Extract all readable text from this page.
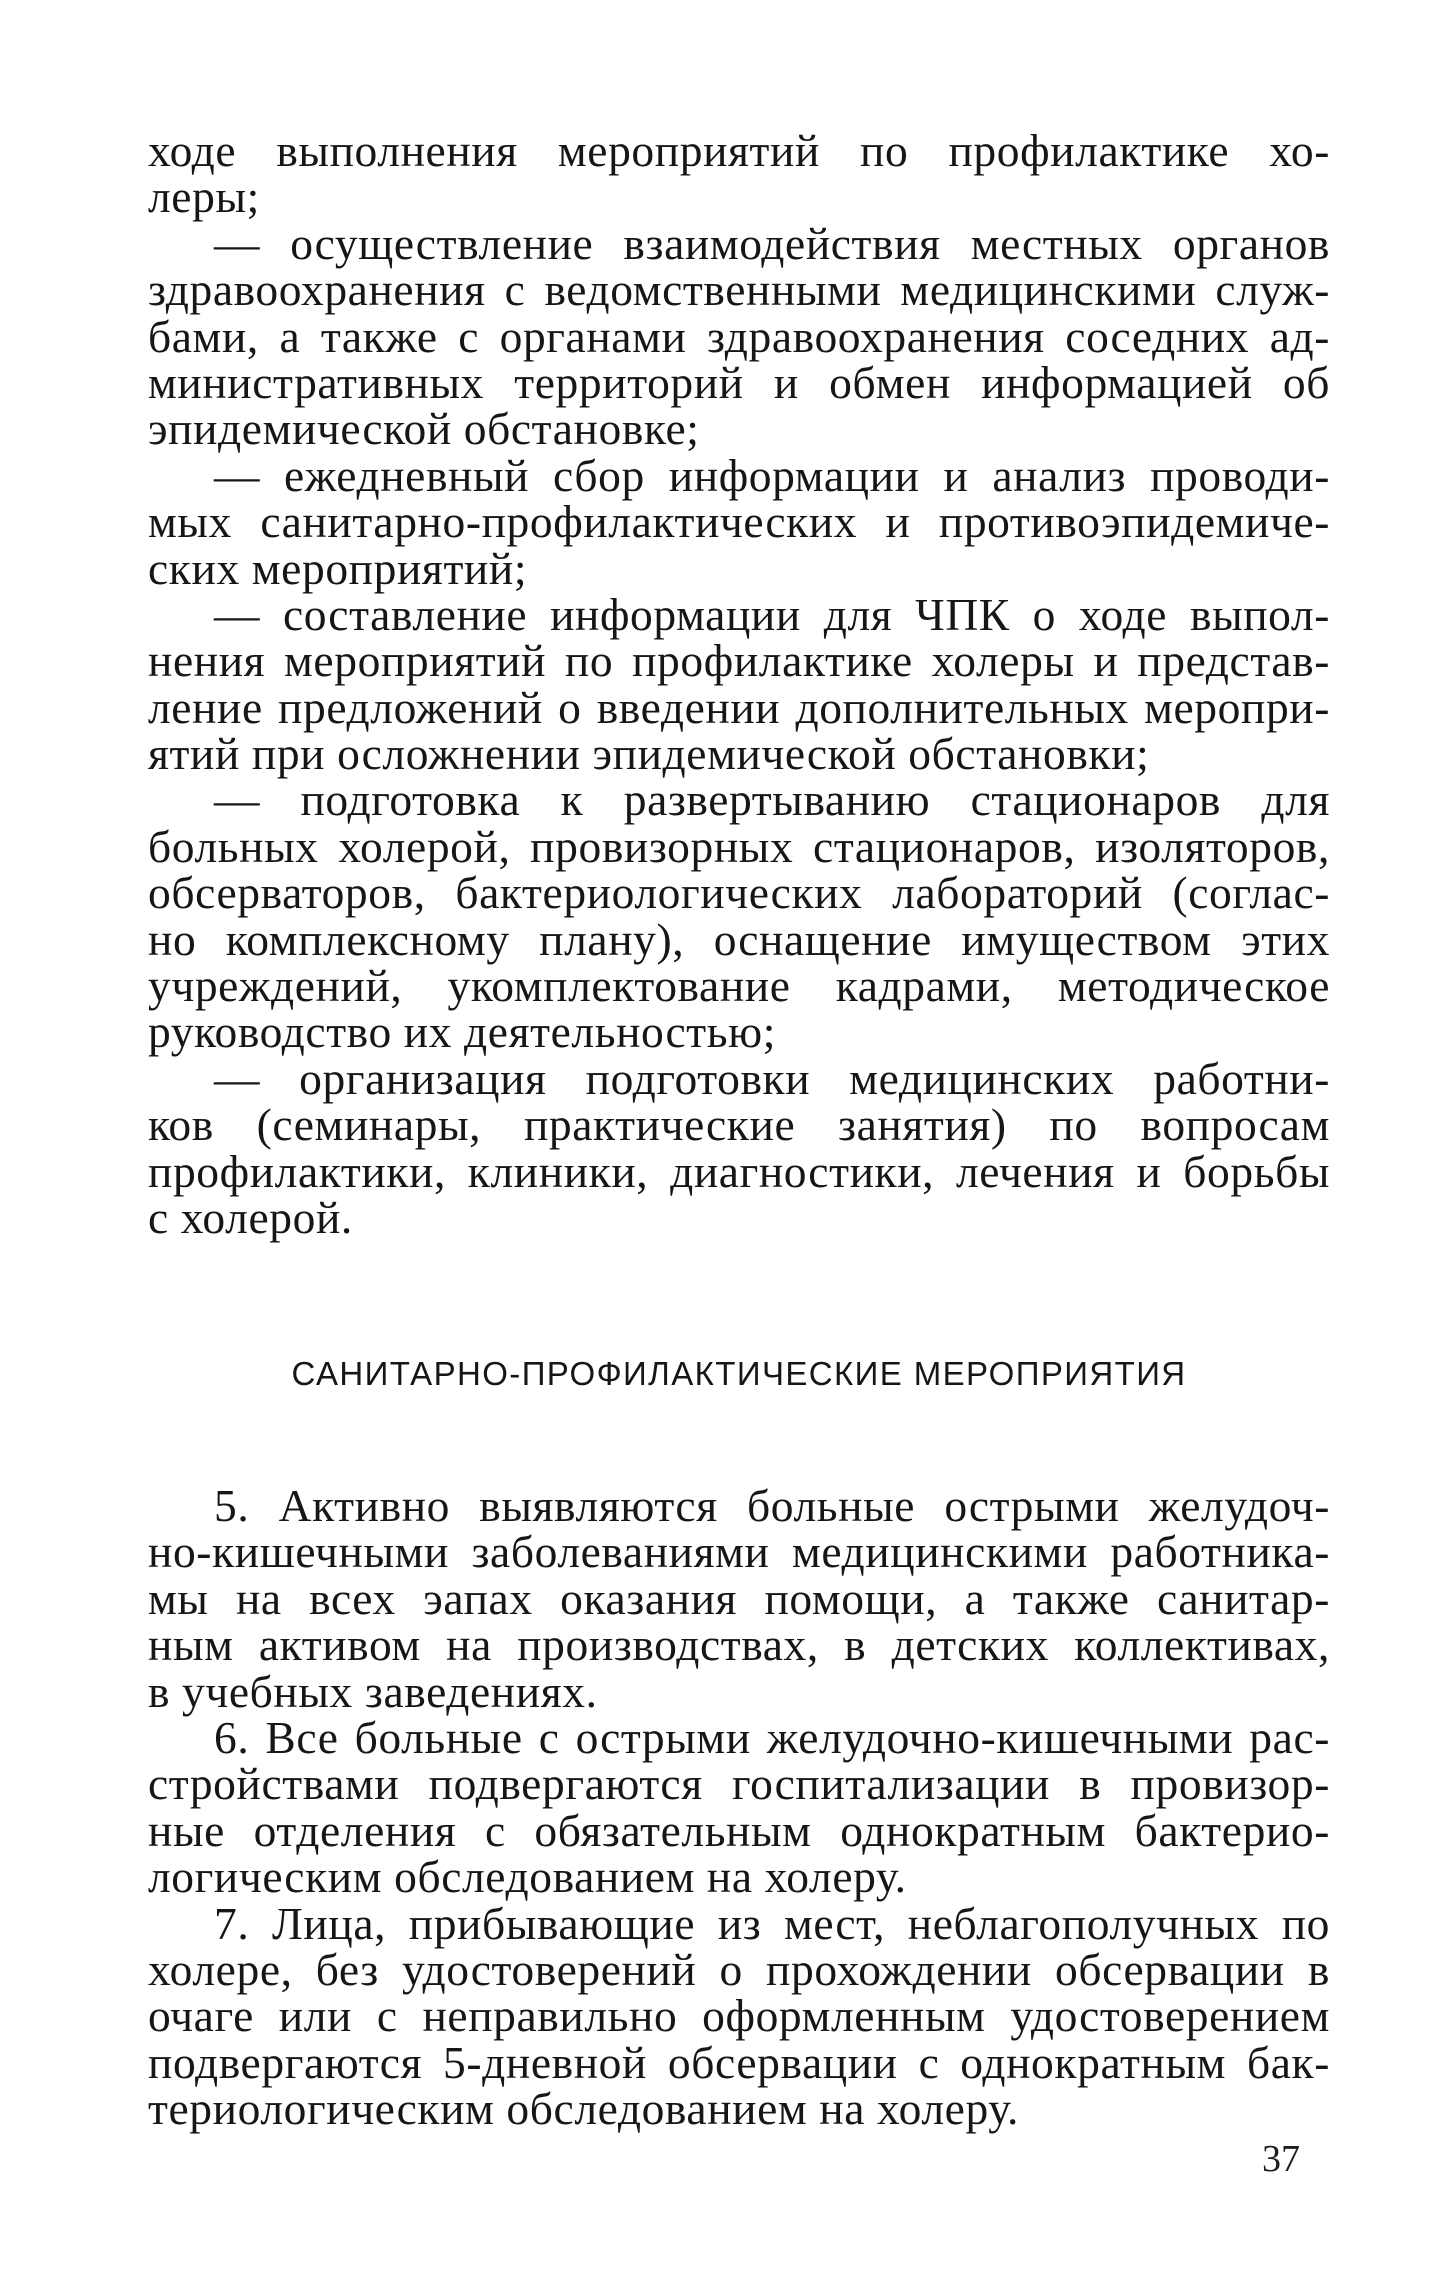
ходе выполнения мероприятий по профилактике хо-
леры;
— осуществление взаимодействия местных органов
здравоохранения с ведомственными медицинскими служ-
бами, а также с органами здравоохранения соседних ад-
министративных территорий и обмен информацией об
эпидемической обстановке;
— ежедневный сбор информации и анализ проводи-
мых санитарно-профилактических и противоэпидемиче-
ских мероприятий;
— составление информации для ЧПК о ходе выпол-
нения мероприятий по профилактике холеры и представ-
ление предложений о введении дополнительных меропри-
ятий при осложнении эпидемической обстановки;
— подготовка к развертыванию стационаров для
больных холерой, провизорных стационаров, изоляторов,
обсерваторов, бактериологических лабораторий (соглас-
но комплексному плану), оснащение имуществом этих
учреждений, укомплектование кадрами, методическое
руководство их деятельностью;
— организация подготовки медицинских работни-
ков (семинары, практические занятия) по вопросам
профилактики, клиники, диагностики, лечения и борьбы
с холерой.
САНИТАРНО-ПРОФИЛАКТИЧЕСКИЕ МЕРОПРИЯТИЯ
5. Активно выявляются больные острыми желудоч-
но-кишечными заболеваниями медицинскими работника-
мы на всех эапах оказания помощи, а также санитар-
ным активом на производствах, в детских коллективах,
в учебных заведениях.
6. Все больные с острыми желудочно-кишечными рас-
стройствами подвергаются госпитализации в провизор-
ные отделения с обязательным однократным бактерио-
логическим обследованием на холеру.
7. Лица, прибывающие из мест, неблагополучных по
холере, без удостоверений о прохождении обсервации в
очаге или с неправильно оформленным удостоверением
подвергаются 5-дневной обсервации с однократным бак-
териологическим обследованием на холеру.
37
